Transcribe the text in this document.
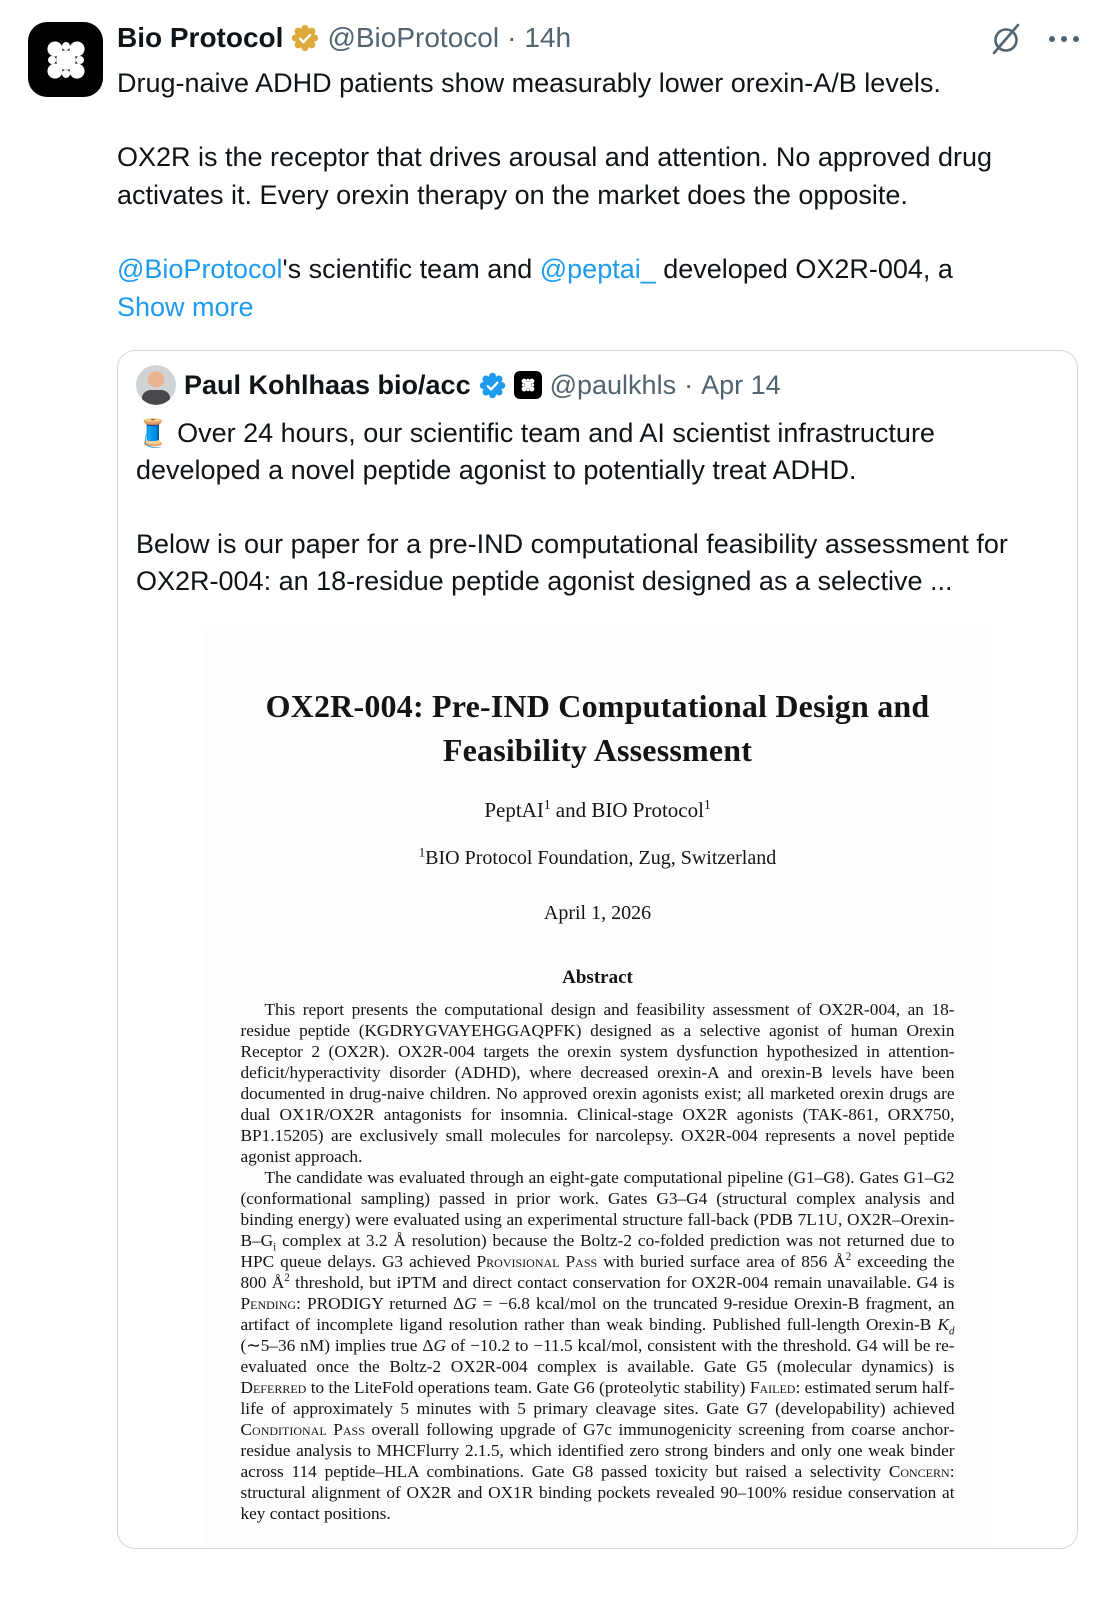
Bio Protocol @BioProtocol · 14h

Drug-naive ADHD patients show measurably lower orexin-A/B levels.

OX2R is the receptor that drives arousal and attention. No approved drug activates it. Every orexin therapy on the market does the opposite.

@BioProtocol's scientific team and @peptai_ developed OX2R-004, a

Show more
Paul Kohlhaas bio/acc	@paulkhls · Apr 14

🧵 Over 24 hours, our scientific team and AI scientist infrastructure developed a novel peptide agonist to potentially treat ADHD.

Below is our paper for a pre-IND computational feasibility assessment for OX2R-004: an 18-residue peptide agonist designed as a selective ...

OX2R-004: Pre-IND Computational Design and Feasibility Assessment
PeptAI$^1$ and BIO Protocol$^1$
$^1$BIO Protocol Foundation, Zug, Switzerland
April 1, 2026
Abstract

This report presents the computational design and feasibility assessment of OX2R-004, an 18-residue peptide (KGDRYGVAYEHGGAQPFK) designed as a selective agonist of human Orexin Receptor 2 (OX2R). OX2R-004 targets the orexin system dysfunction hypothesized in attention-deficit/hyperactivity disorder (ADHD), where decreased orexin-A and orexin-B levels have been documented in drug-naive children. No approved orexin agonists exist; all marketed orexin drugs are dual OX1R/OX2R antagonists for insomnia. Clinical-stage OX2R agonists (TAK-861, ORX750, BP1.15205) are exclusively small molecules for narcolepsy. OX2R-004 represents a novel peptide agonist approach.

The candidate was evaluated through an eight-gate computational pipeline (G1–G8). Gates G1–G2 (conformational sampling) passed in prior work. Gates G3–G4 (structural complex analysis and binding energy) were evaluated using an experimental structure fall-back (PDB 7L1U, $OX2R-Orexin-B-G_i$ complex at 3.2 Å resolution) because the Boltz-2 co-folded prediction was not returned due to HPC queue delays. G3 achieved Provisional Pass with buried surface area of 856 $Å^2$ exceeding the 800 $Å^2$ threshold, but iPTM and direct contact conservation for OX2R-004 remain unavailable. G4 is Pending: PRODIGY returned ΔG = −6.8 kcal/mol on the truncated 9-residue Orexin-B fragment, an artifact of incomplete ligand resolution rather than weak binding. Published full-length Orexin-B $K_d$ (∼5–36 nM) implies true ΔG of −10.2 to −11.5 kcal/mol, consistent with the threshold. G4 will be re-evaluated once the Boltz-2 OX2R-004 complex is available. Gate G5 (molecular dynamics) is Deferred to the LiteFold operations team. Gate G6 (proteolytic stability) Failed: estimated serum half-life of approximately 5 minutes with 5 primary cleavage sites. Gate G7 (developability) achieved Conditional Pass overall following upgrade of G7c immunogenicity screening from coarse anchor-residue analysis to MHCFlurry 2.1.5, which identified zero strong binders and only one weak binder across 114 peptide–HLA combinations. Gate G8 passed toxicity but raised a selectivity Concern: structural alignment of OX2R and OX1R binding pockets revealed 90–100% residue conservation at key contact positions.
